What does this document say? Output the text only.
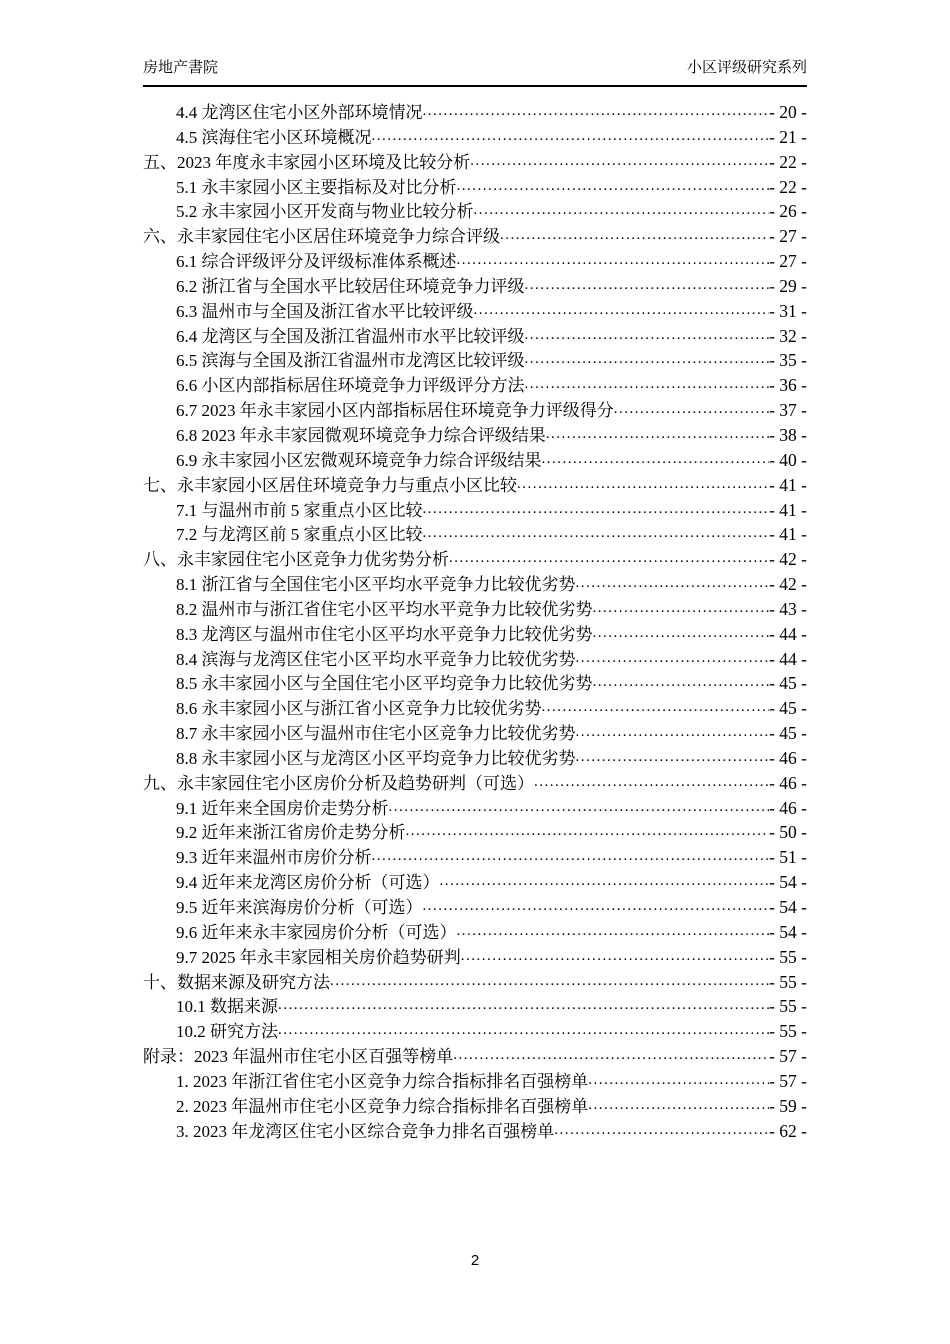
房地产書院	小区评级研究系列
4.4 龙湾区住宅小区外部环境情况 .....	- 20 -
4.5 滨海住宅小区环境概况 .....	- 21 -
五、2023 年度永丰家园小区环境及比较分析 .....	- 22 -
5.1 永丰家园小区主要指标及对比分析 .....	- 22 -
5.2 永丰家园小区开发商与物业比较分析 .....	- 26 -
六、永丰家园住宅小区居住环境竞争力综合评级 .....	- 27 -
6.1 综合评级评分及评级标准体系概述 .....	- 27 -
6.2 浙江省与全国水平比较居住环境竞争力评级 .....	- 29 -
6.3 温州市与全国及浙江省水平比较评级 .....	- 31 -
6.4 龙湾区与全国及浙江省温州市水平比较评级 .....	- 32 -
6.5 滨海与全国及浙江省温州市龙湾区比较评级 .....	- 35 -
6.6 小区内部指标居住环境竞争力评级评分方法 .....	- 36 -
6.7 2023 年永丰家园小区内部指标居住环境竞争力评级得分 .....	- 37 -
6.8 2023 年永丰家园微观环境竞争力综合评级结果 .....	- 38 -
6.9 永丰家园小区宏微观环境竞争力综合评级结果 .....	- 40 -
七、永丰家园小区居住环境竞争力与重点小区比较 .....	- 41 -
7.1 与温州市前 5 家重点小区比较 .....	- 41 -
7.2 与龙湾区前 5 家重点小区比较 .....	- 41 -
八、永丰家园住宅小区竞争力优劣势分析 .....	- 42 -
8.1 浙江省与全国住宅小区平均水平竞争力比较优劣势 .....	- 42 -
8.2 温州市与浙江省住宅小区平均水平竞争力比较优劣势 .....	- 43 -
8.3 龙湾区与温州市住宅小区平均水平竞争力比较优劣势 .....	- 44 -
8.4 滨海与龙湾区住宅小区平均水平竞争力比较优劣势 .....	- 44 -
8.5 永丰家园小区与全国住宅小区平均竞争力比较优劣势 .....	- 45 -
8.6 永丰家园小区与浙江省小区竞争力比较优劣势 .....	- 45 -
8.7 永丰家园小区与温州市住宅小区竞争力比较优劣势 .....	- 45 -
8.8 永丰家园小区与龙湾区小区平均竞争力比较优劣势 .....	- 46 -
九、永丰家园住宅小区房价分析及趋势研判（可选） .....	- 46 -
9.1 近年来全国房价走势分析 .....	- 46 -
9.2 近年来浙江省房价走势分析 .....	- 50 -
9.3 近年来温州市房价分析 .....	- 51 -
9.4 近年来龙湾区房价分析（可选） .....	- 54 -
9.5 近年来滨海房价分析（可选） .....	- 54 -
9.6 近年来永丰家园房价分析（可选） .....	- 54 -
9.7 2025 年永丰家园相关房价趋势研判 .....	- 55 -
十、数据来源及研究方法 .....	- 55 -
10.1 数据来源 .....	- 55 -
10.2 研究方法 .....	- 55 -
附录：2023 年温州市住宅小区百强等榜单 .....	- 57 -
1. 2023 年浙江省住宅小区竞争力综合指标排名百强榜单 .....	- 57 -
2. 2023 年温州市住宅小区竞争力综合指标排名百强榜单 .....	- 59 -
3. 2023 年龙湾区住宅小区综合竞争力排名百强榜单 .....	- 62 -
2
